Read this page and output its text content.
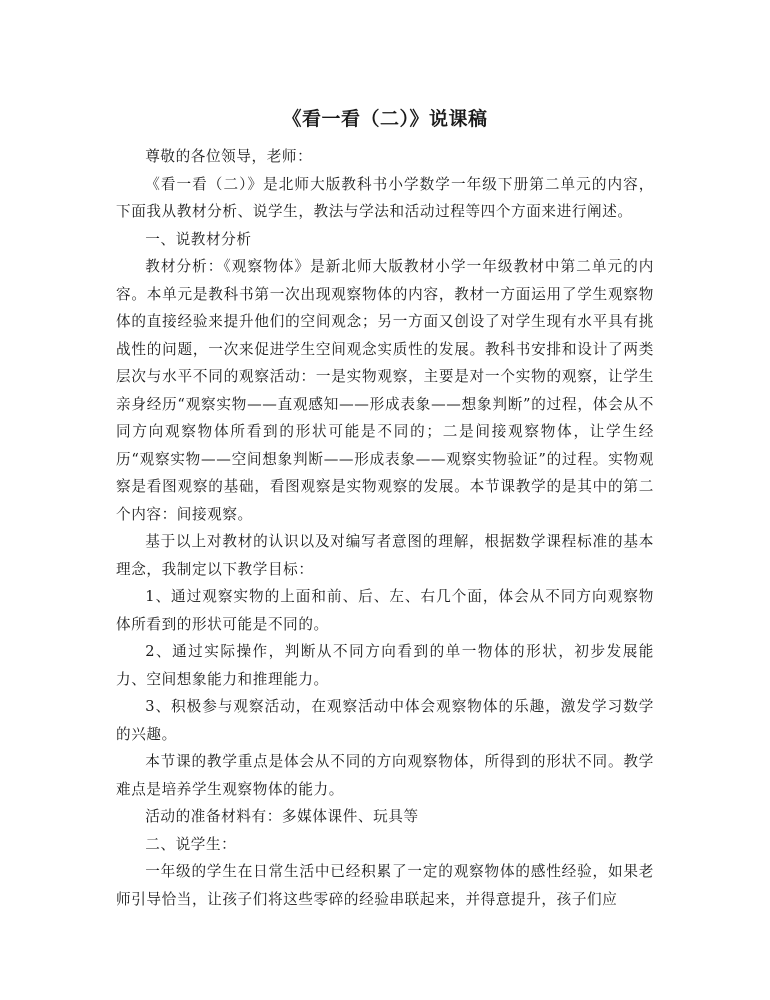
《看一看（二）》说课稿

尊敬的各位领导，老师：

《看一看（二）》是北师大版教科书小学数学一年级下册第二单元的内容，下面我从教材分析、说学生，教法与学法和活动过程等四个方面来进行阐述。

一、说教材分析

教材分析：《观察物体》是新北师大版教材小学一年级教材中第二单元的内容。本单元是教科书第一次出现观察物体的内容，教材一方面运用了学生观察物体的直接经验来提升他们的空间观念；另一方面又创设了对学生现有水平具有挑战性的问题，一次来促进学生空间观念实质性的发展。教科书安排和设计了两类层次与水平不同的观察活动：一是实物观察，主要是对一个实物的观察，让学生亲身经历“观察实物——直观感知——形成表象——想象判断”的过程，体会从不同方向观察物体所看到的形状可能是不同的；二是间接观察物体，让学生经历“观察实物——空间想象判断——形成表象——观察实物验证”的过程。实物观察是看图观察的基础，看图观察是实物观察的发展。本节课教学的是其中的第二个内容：间接观察。

基于以上对教材的认识以及对编写者意图的理解，根据数学课程标准的基本理念，我制定以下教学目标：

1、通过观察实物的上面和前、后、左、右几个面，体会从不同方向观察物体所看到的形状可能是不同的。

2、通过实际操作，判断从不同方向看到的单一物体的形状，初步发展能力、空间想象能力和推理能力。

3、积极参与观察活动，在观察活动中体会观察物体的乐趣，激发学习数学的兴趣。

本节课的教学重点是体会从不同的方向观察物体，所得到的形状不同。教学难点是培养学生观察物体的能力。

活动的准备材料有：多媒体课件、玩具等

二、说学生：

一年级的学生在日常生活中已经积累了一定的观察物体的感性经验，如果老师引导恰当，让孩子们将这些零碎的经验串联起来，并得意提升，孩子们应
